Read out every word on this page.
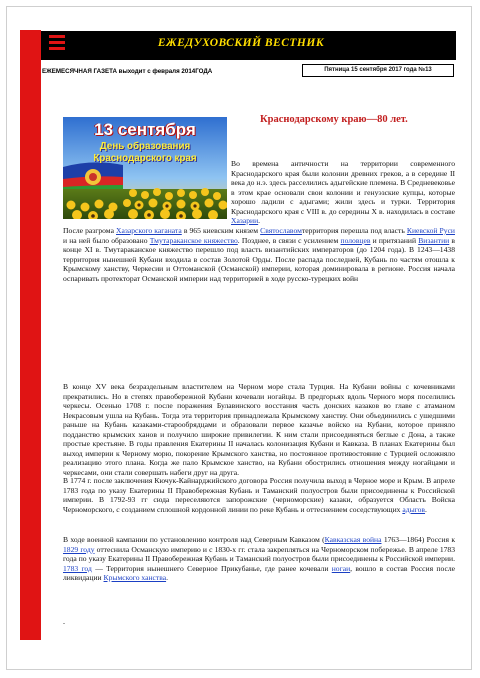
ЕЖЕДУХОВСКИЙ ВЕСТНИК
ЕЖЕМЕСЯЧНАЯ ГАЗЕТА выходит с февраля 2014ГОДА	Пятница 15 сентября 2017 года №13
13 сентября
День образования
Краснодарского края
Краснодарскому краю—80 лет.

Во времена античности на территории современного Краснодарского края были колонии древних греков, а в середине II века до н.э. здесь расселились адыгейские племена. В Средневековье в этом крае основали свои колонии и генуэзские купцы, которые хорошо ладили с адыгами; жили здесь и турки. Территория Краснодарского края с VIII в. до середины X в. находилась в составе Хазарии.

После разгрома Хазарского каганата в 965 киевским князем Святославомтерритория перешла под власть Киевской Руси и на ней было образовано Тмутараканское княжество. Позднее, в связи с усилением половцев и притязаний Византии в конце XI в. Тмутараканское княжество перешло под власть византийских императоров (до 1204 года). В 1243—1438 территория нынешней Кубани входила в состав Золотой Орды. После распада последней, Кубань по частям отошла к Крымскому ханству, Черкесии и Оттоманской (Османской) империи, которая доминировала в регионе. Россия начала оспаривать протекторат Османской империи над территорией в ходе русско-турецких войн

В конце XV века безраздельным властителем на Черном море стала Турция. На Кубани войны с кочевниками прекратились. Но в степях правобережной Кубани кочевали ногайцы. В предгорьях вдоль Черного моря поселились черкесы. Осенью 1708 г. после поражения Булавинского восстания часть донских казаков во главе с атаманом Некрасовым ушла на Кубань. Тогда эта территория принадлежала Крымскому ханству. Они объединились с ушедшими раньше на Кубань казаками-старообрядцами и образовали первое казачье войско на Кубани, которое приняло подданство крымских ханов и получило широкие привилегии. К ним стали присоединяться беглые с Дона, а также простые крестьяне. В годы правления Екатерины II началась колонизация Кубани и Кавказа. В планах Екатерины был выход империи к Черному морю, покорение Крымского ханства, но постоянное противостояние с Турцией осложняло реализацию этого плана. Когда же пало Крымское ханство, на Кубани обострились отношения между ногайцами и черкесами, они стали совершать набеги друг на друга.

В 1774 г. после заключения Кючук-Кайнарджийского договора Россия получила выход в Черное море и Крым. В апреле 1783 года по указу Екатерины II Правобережная Кубань и Таманский полуостров были присоединены к Российской империи. В 1792-93 гг сюда переселяются запорожские (черноморские) казаки, образуется Область Войска Черноморского, с созданием сплошной кордонной линии по реке Кубань и оттеснением соседствующих адыгов.

В ходе военной кампании по установлению контроля над Северным Кавказом (Кавказская война 1763—1864) Россия к 1829 году оттеснила Османскую империю и с 1830-х гг. стала закрепляться на Черноморском побережье. В апреле 1783 года по указу Екатерины II Правобережная Кубань и Таманский полуостров были присоединены к Российской империи. 1783 год — Территория нынешнего Северное Прикубанье, где ранее кочевали ногаи, вошло в состав Россия после ликвидации Крымского ханства.

.
